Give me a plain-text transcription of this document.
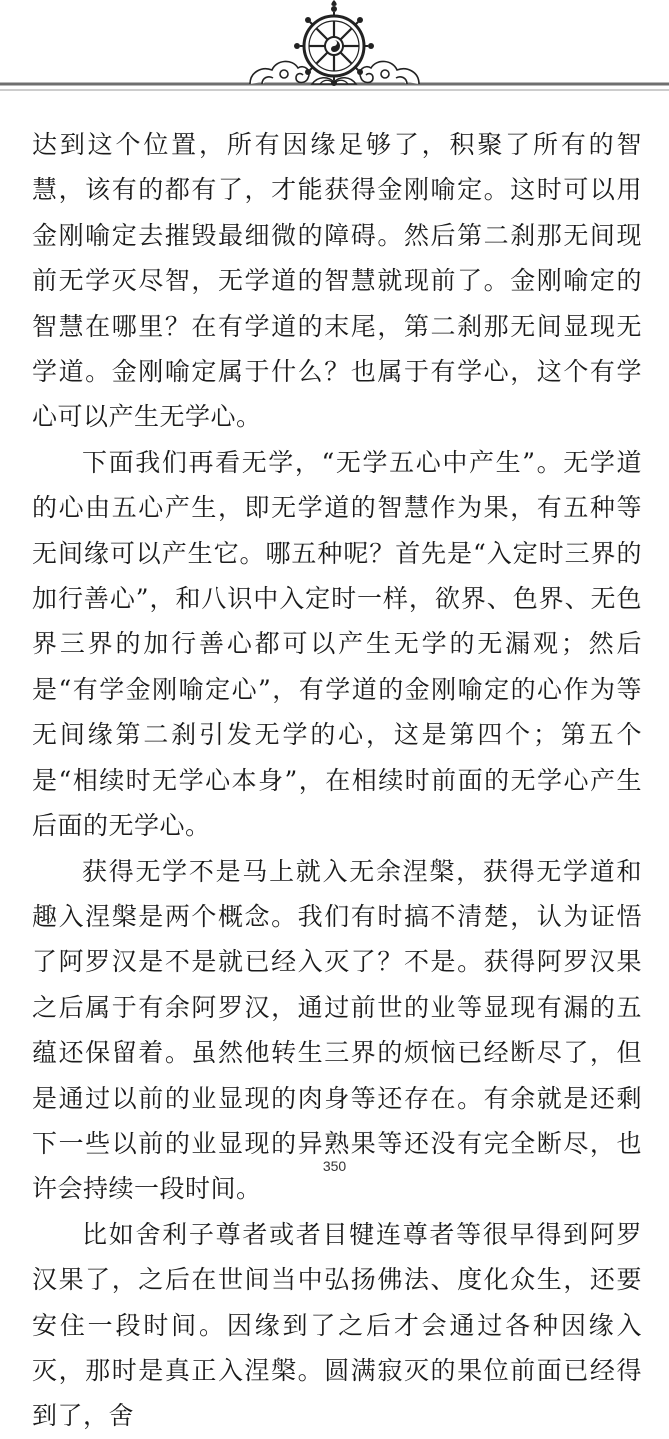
达到这个位置，所有因缘足够了，积聚了所有的智慧，该有的都有了，才能获得金刚喻定。这时可以用金刚喻定去摧毁最细微的障碍。然后第二刹那无间现前无学灭尽智，无学道的智慧就现前了。金刚喻定的智慧在哪里？在有学道的末尾，第二刹那无间显现无学道。金刚喻定属于什么？也属于有学心，这个有学心可以产生无学心。

下面我们再看无学，“无学五心中产生”。无学道的心由五心产生，即无学道的智慧作为果，有五种等无间缘可以产生它。哪五种呢？首先是“入定时三界的加行善心”，和八识中入定时一样，欲界、色界、无色界三界的加行善心都可以产生无学的无漏观；然后是“有学金刚喻定心”，有学道的金刚喻定的心作为等无间缘第二刹引发无学的心，这是第四个；第五个是“相续时无学心本身”，在相续时前面的无学心产生后面的无学心。

获得无学不是马上就入无余涅槃，获得无学道和趣入涅槃是两个概念。我们有时搞不清楚，认为证悟了阿罗汉是不是就已经入灭了？不是。获得阿罗汉果之后属于有余阿罗汉，通过前世的业等显现有漏的五蕴还保留着。虽然他转生三界的烦恼已经断尽了，但是通过以前的业显现的肉身等还存在。有余就是还剩下一些以前的业显现的异熟果等还没有完全断尽，也许会持续一段时间。

比如舍利子尊者或者目犍连尊者等很早得到阿罗汉果了，之后在世间当中弘扬佛法、度化众生，还要安住一段时间。因缘到了之后才会通过各种因缘入灭，那时是真正入涅槃。圆满寂灭的果位前面已经得到了，舍

350
